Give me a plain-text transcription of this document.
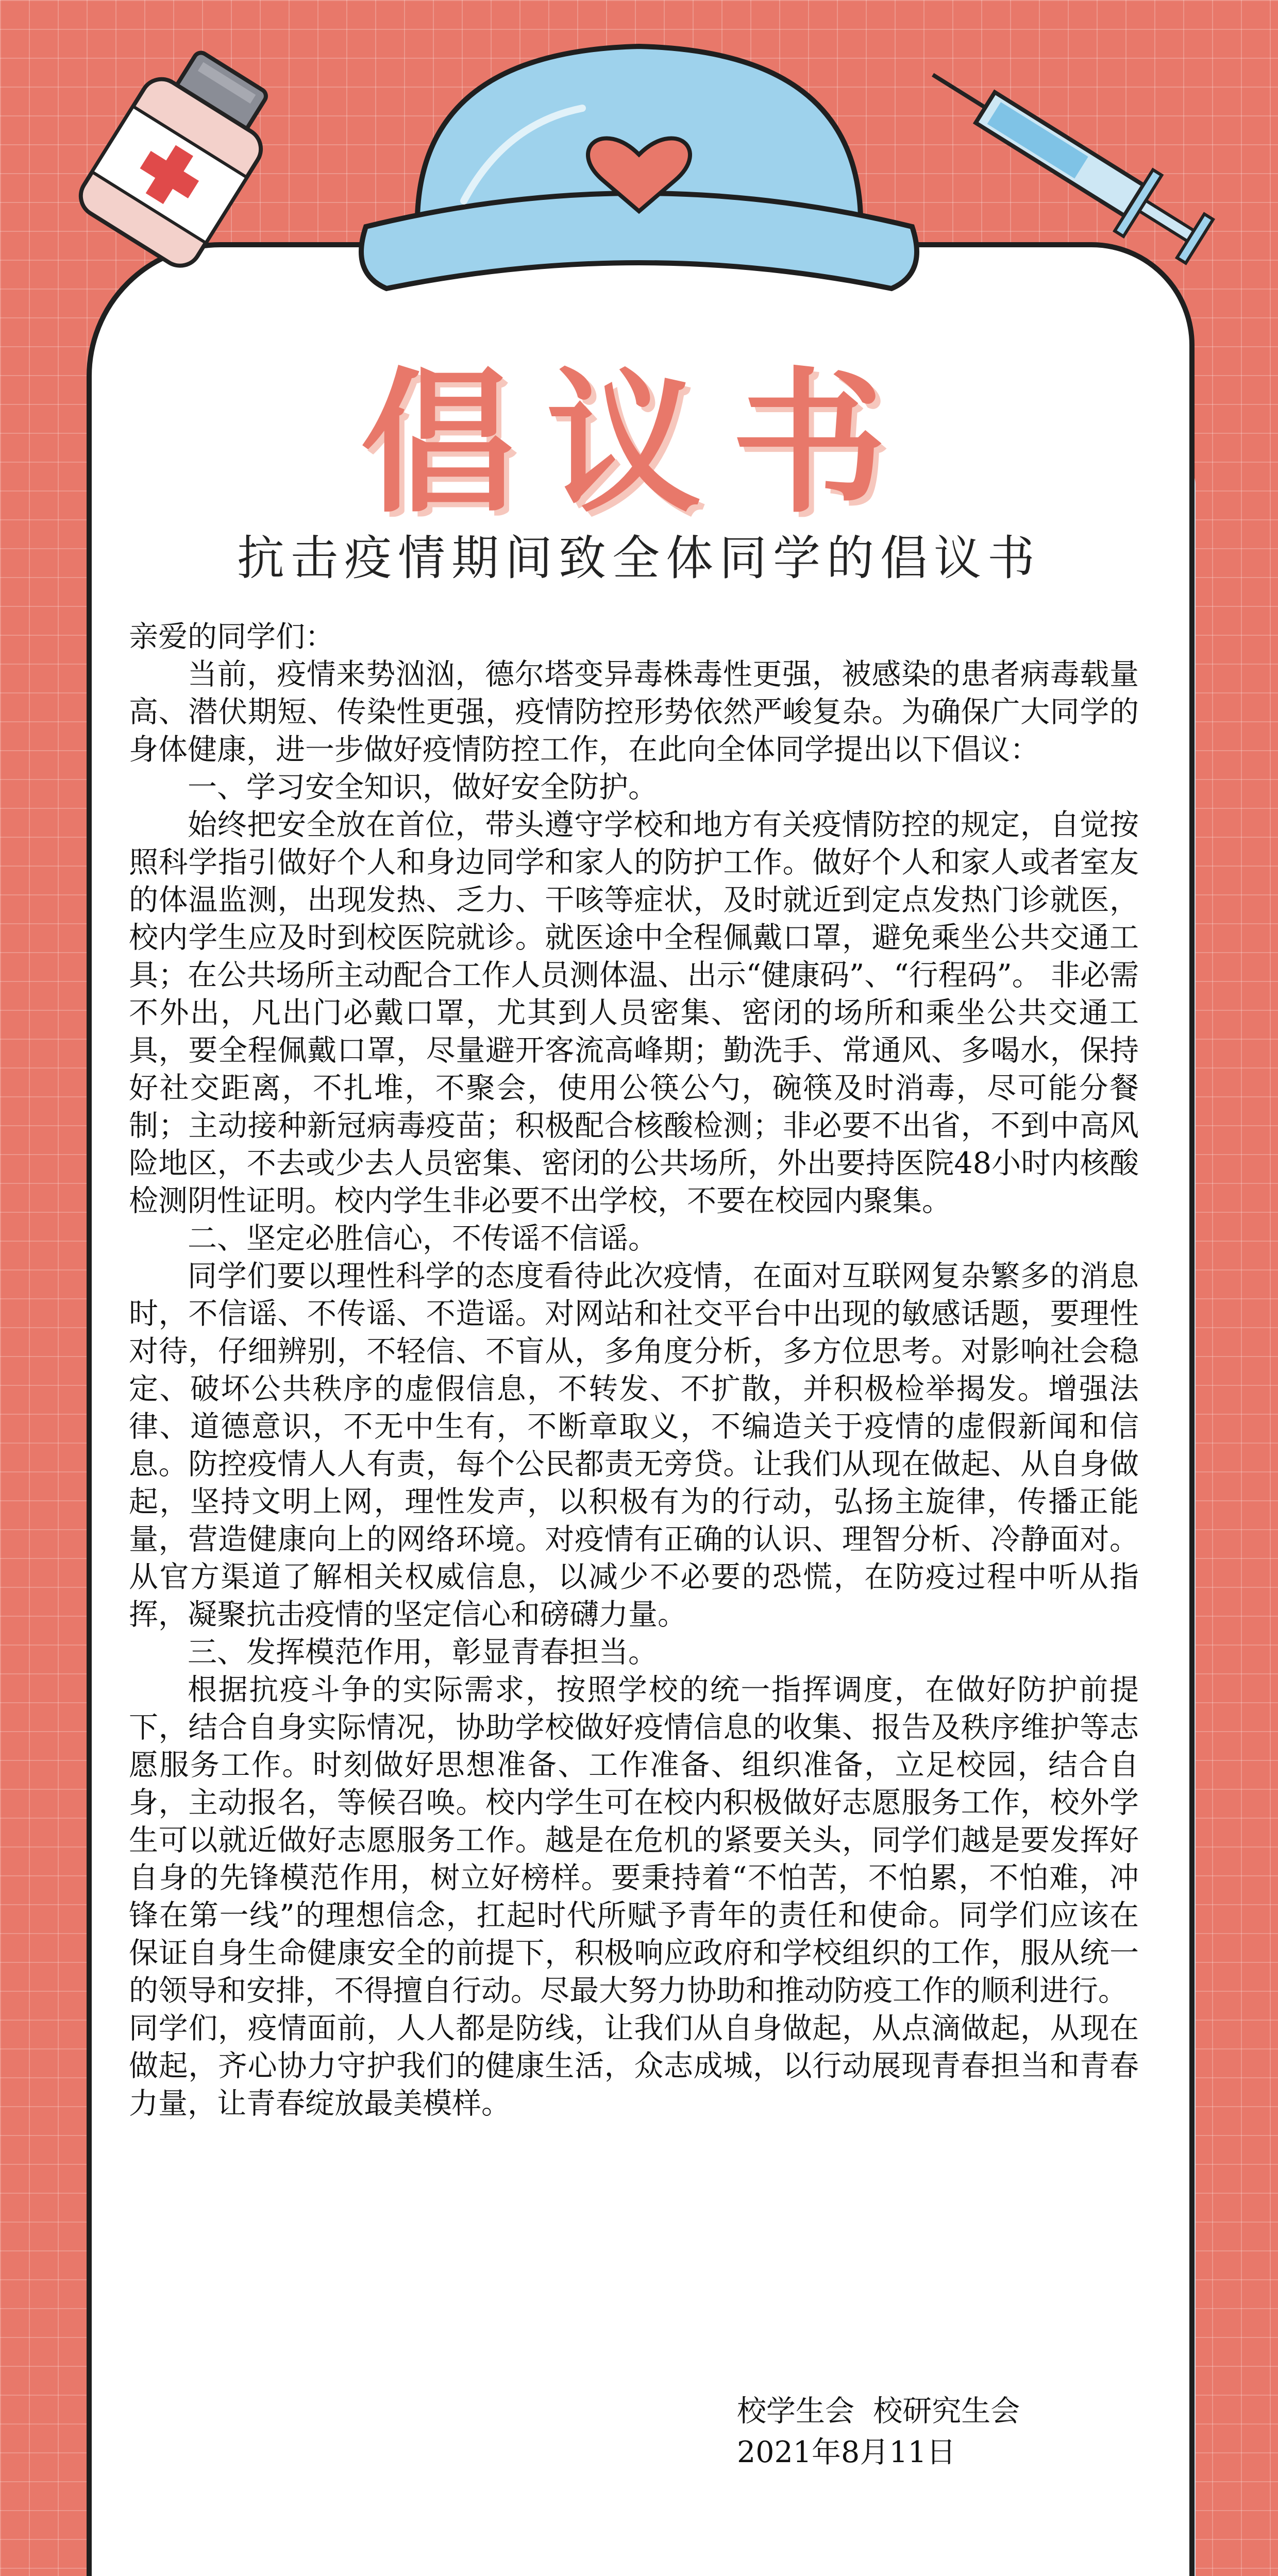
倡议书
抗击疫情期间致全体同学的倡议书

亲爱的同学们：

当前，疫情来势汹汹，德尔塔变异毒株毒性更强，被感染的患者病毒载量高、潜伏期短、传染性更强，疫情防控形势依然严峻复杂。为确保广大同学的身体健康，进一步做好疫情防控工作，在此向全体同学提出以下倡议：

一、学习安全知识，做好安全防护。

始终把安全放在首位，带头遵守学校和地方有关疫情防控的规定，自觉按照科学指引做好个人和身边同学和家人的防护工作。做好个人和家人或者室友的体温监测，出现发热、乏力、干咳等症状，及时就近到定点发热门诊就医，校内学生应及时到校医院就诊。就医途中全程佩戴口罩，避免乘坐公共交通工具；在公共场所主动配合工作人员测体温、出示“健康码”、“行程码”。 非必需不外出，凡出门必戴口罩，尤其到人员密集、密闭的场所和乘坐公共交通工具，要全程佩戴口罩，尽量避开客流高峰期；勤洗手、常通风、多喝水，保持好社交距离，不扎堆，不聚会，使用公筷公勺，碗筷及时消毒，尽可能分餐制；主动接种新冠病毒疫苗；积极配合核酸检测；非必要不出省，不到中高风险地区，不去或少去人员密集、密闭的公共场所，外出要持医院48小时内核酸检测阴性证明。校内学生非必要不出学校，不要在校园内聚集。

二、坚定必胜信心，不传谣不信谣。

同学们要以理性科学的态度看待此次疫情，在面对互联网复杂繁多的消息时，不信谣、不传谣、不造谣。对网站和社交平台中出现的敏感话题，要理性对待，仔细辨别，不轻信、不盲从，多角度分析，多方位思考。对影响社会稳定、破坏公共秩序的虚假信息，不转发、不扩散，并积极检举揭发。增强法律、道德意识，不无中生有，不断章取义，不编造关于疫情的虚假新闻和信息。防控疫情人人有责，每个公民都责无旁贷。让我们从现在做起、从自身做起，坚持文明上网，理性发声，以积极有为的行动，弘扬主旋律，传播正能量，营造健康向上的网络环境。对疫情有正确的认识、理智分析、冷静面对。从官方渠道了解相关权威信息，以减少不必要的恐慌，在防疫过程中听从指挥，凝聚抗击疫情的坚定信心和磅礴力量。

三、发挥模范作用，彰显青春担当。

根据抗疫斗争的实际需求，按照学校的统一指挥调度，在做好防护前提下，结合自身实际情况，协助学校做好疫情信息的收集、报告及秩序维护等志愿服务工作。时刻做好思想准备、工作准备、组织准备，立足校园，结合自身，主动报名，等候召唤。校内学生可在校内积极做好志愿服务工作，校外学生可以就近做好志愿服务工作。越是在危机的紧要关头，同学们越是要发挥好自身的先锋模范作用，树立好榜样。要秉持着“不怕苦，不怕累，不怕难，冲锋在第一线”的理想信念，扛起时代所赋予青年的责任和使命。同学们应该在保证自身生命健康安全的前提下，积极响应政府和学校组织的工作，服从统一的领导和安排，不得擅自行动。尽最大努力协助和推动防疫工作的顺利进行。

同学们，疫情面前，人人都是防线，让我们从自身做起，从点滴做起，从现在做起，齐心协力守护我们的健康生活，众志成城，以行动展现青春担当和青春力量，让青春绽放最美模样。

校学生会  校研究生会
2021年8月11日
